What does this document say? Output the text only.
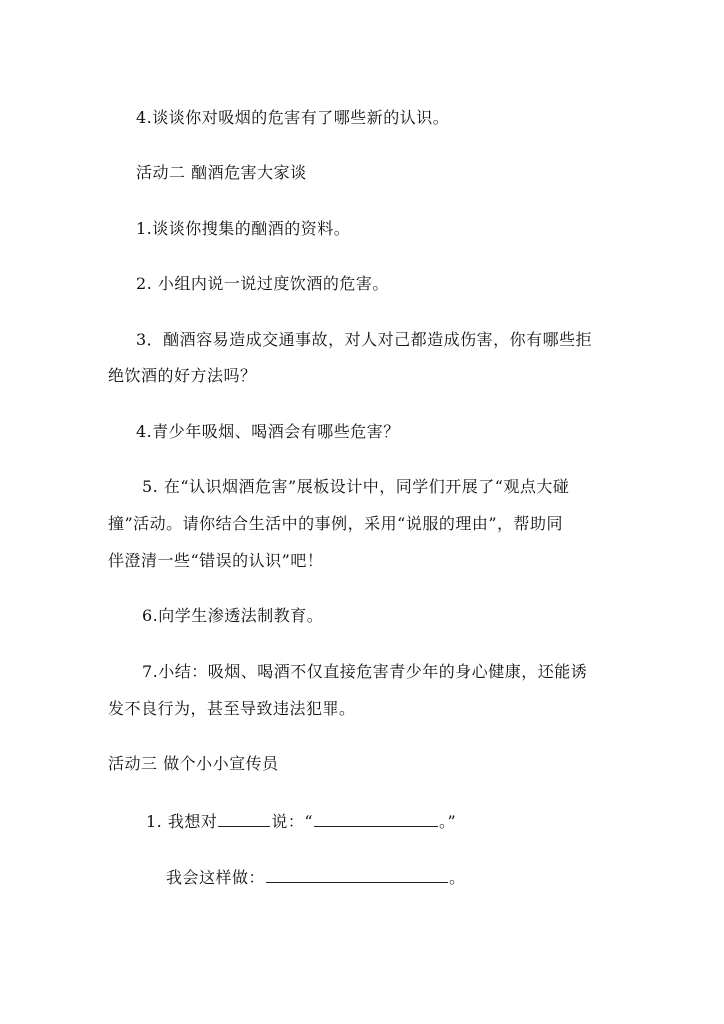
4.谈谈你对吸烟的危害有了哪些新的认识。
活动二 酗酒危害大家谈
1.谈谈你搜集的酗酒的资料。
2. 小组内说一说过度饮酒的危害。
3．酗酒容易造成交通事故，对人对己都造成伤害，你有哪些拒
绝饮酒的好方法吗？
4.青少年吸烟、喝酒会有哪些危害？
5. 在“认识烟酒危害”展板设计中，同学们开展了“观点大碰
撞”活动。请你结合生活中的事例，采用“说服的理由”，帮助同
伴澄清一些“错误的认识”吧！
6.向学生渗透法制教育。
7.小结：吸烟、喝酒不仅直接危害青少年的身心健康，还能诱
发不良行为，甚至导致违法犯罪。
活动三 做个小小宣传员
1. 我想对	说：“	。”
我会这样做：	。
